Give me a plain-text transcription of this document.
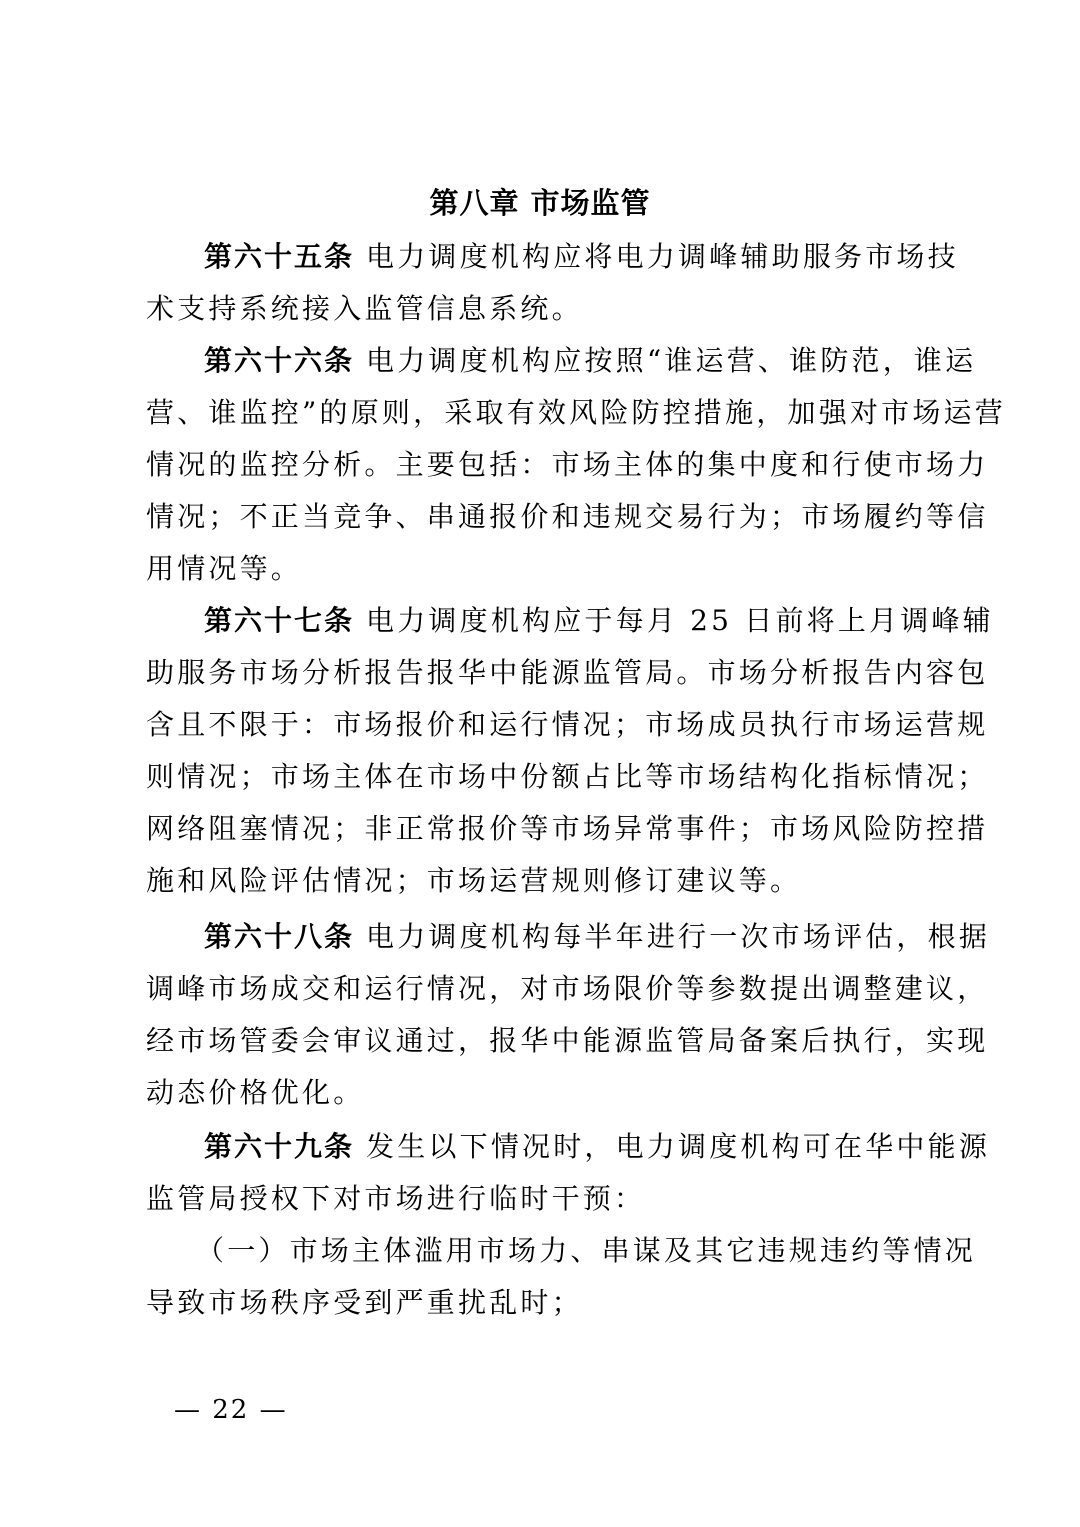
第八章 市场监管
第六十五条 电力调度机构应将电力调峰辅助服务市场技
术支持系统接入监管信息系统。
第六十六条 电力调度机构应按照“谁运营、谁防范，谁运
营、谁监控”的原则，采取有效风险防控措施，加强对市场运营
情况的监控分析。主要包括：市场主体的集中度和行使市场力
情况；不正当竞争、串通报价和违规交易行为；市场履约等信
用情况等。
第六十七条 电力调度机构应于每月 25 日前将上月调峰辅
助服务市场分析报告报华中能源监管局。市场分析报告内容包
含且不限于：市场报价和运行情况；市场成员执行市场运营规
则情况；市场主体在市场中份额占比等市场结构化指标情况；
网络阻塞情况；非正常报价等市场异常事件；市场风险防控措
施和风险评估情况；市场运营规则修订建议等。
第六十八条 电力调度机构每半年进行一次市场评估，根据
调峰市场成交和运行情况，对市场限价等参数提出调整建议，
经市场管委会审议通过，报华中能源监管局备案后执行，实现
动态价格优化。
第六十九条 发生以下情况时，电力调度机构可在华中能源
监管局授权下对市场进行临时干预：
（一）市场主体滥用市场力、串谋及其它违规违约等情况
导致市场秩序受到严重扰乱时；
— 22 —
